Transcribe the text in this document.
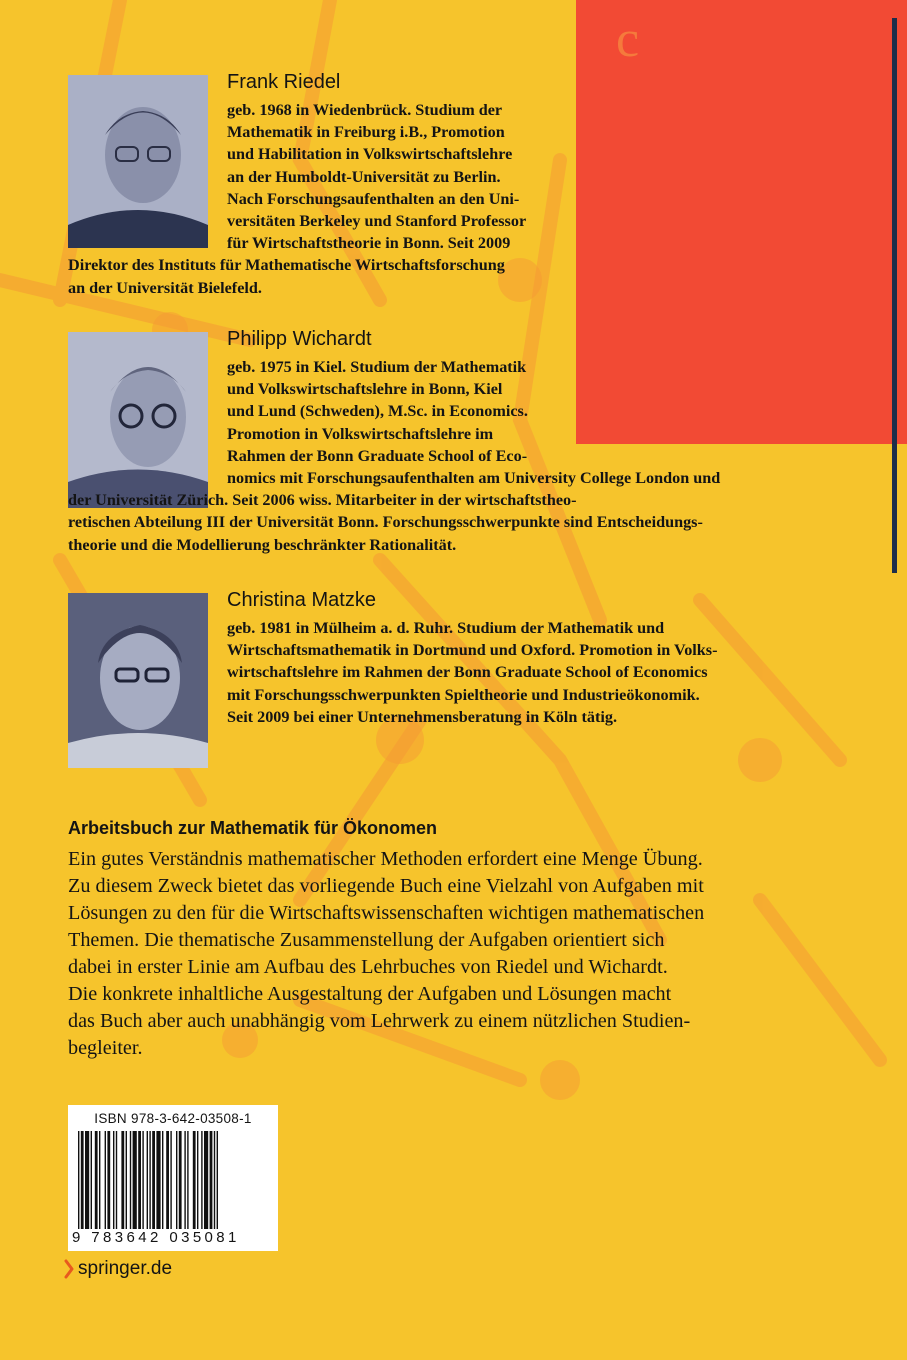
c
Frank Riedel
geb. 1968 in Wiedenbrück. Studium der
Mathematik in Freiburg i.B., Promotion
und Habilitation in Volkswirtschaftslehre
an der Humboldt-Universität zu Berlin.
Nach Forschungsaufenthalten an den Uni-
versitäten Berkeley und Stanford Professor
für Wirtschaftstheorie in Bonn. Seit 2009
Direktor des Instituts für Mathematische Wirtschaftsforschung
an der Universität Bielefeld.
Philipp Wichardt
geb. 1975 in Kiel. Studium der Mathematik
und Volkswirtschaftslehre in Bonn, Kiel
und Lund (Schweden), M.Sc. in Economics.
Promotion in Volkswirtschaftslehre im
Rahmen der Bonn Graduate School of Eco-
nomics mit Forschungsaufenthalten am University College London und
der Universität Zürich. Seit 2006 wiss. Mitarbeiter in der wirtschaftstheo-
retischen Abteilung III der Universität Bonn. Forschungsschwerpunkte sind Entscheidungs-
theorie und die Modellierung beschränkter Rationalität.
Christina Matzke
geb. 1981 in Mülheim a. d. Ruhr. Studium der Mathematik und
Wirtschaftsmathematik in Dortmund und Oxford. Promotion in Volks-
wirtschaftslehre im Rahmen der Bonn Graduate School of Economics
mit Forschungsschwerpunkten Spieltheorie und Industrieökonomik.
Seit 2009 bei einer Unternehmensberatung in Köln tätig.
Arbeitsbuch zur Mathematik für Ökonomen
Ein gutes Verständnis mathematischer Methoden erfordert eine Menge Übung.
Zu diesem Zweck bietet das vorliegende Buch eine Vielzahl von Aufgaben mit
Lösungen zu den für die Wirtschaftswissenschaften wichtigen mathematischen
Themen. Die thematische Zusammenstellung der Aufgaben orientiert sich
dabei in erster Linie am Aufbau des Lehrbuches von Riedel und Wichardt.
Die konkrete inhaltliche Ausgestaltung der Aufgaben und Lösungen macht
das Buch aber auch unabhängig vom Lehrwerk zu einem nützlichen Studien-
begleiter.
ISBN 978-3-642-03508-1
9 783642 035081
springer.de
